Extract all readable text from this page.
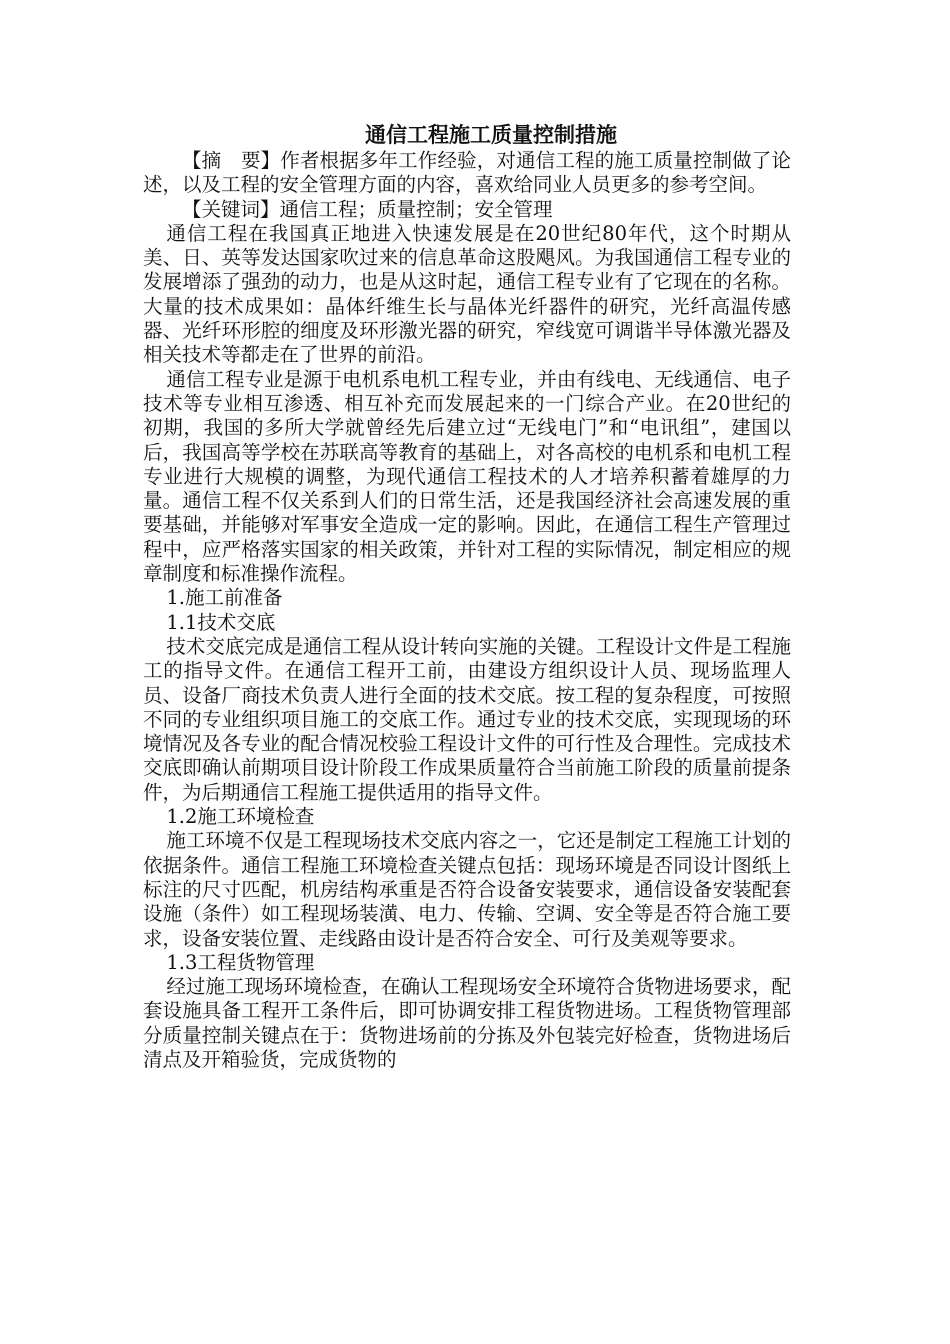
通信工程施工质量控制措施

【摘　要】作者根据多年工作经验，对通信工程的施工质量控制做了论述，以及工程的安全管理方面的内容，喜欢给同业人员更多的参考空间。

【关键词】通信工程；质量控制；安全管理

通信工程在我国真正地进入快速发展是在20世纪80年代，这个时期从美、日、英等发达国家吹过来的信息革命这股飓风。为我国通信工程专业的发展增添了强劲的动力，也是从这时起，通信工程专业有了它现在的名称。大量的技术成果如：晶体纤维生长与晶体光纤器件的研究，光纤高温传感器、光纤环形腔的细度及环形激光器的研究，窄线宽可调谐半导体激光器及相关技术等都走在了世界的前沿。

通信工程专业是源于电机系电机工程专业，并由有线电、无线通信、电子技术等专业相互渗透、相互补充而发展起来的一门综合产业。在20世纪的初期，我国的多所大学就曾经先后建立过“无线电门”和“电讯组”，建国以后，我国高等学校在苏联高等教育的基础上，对各高校的电机系和电机工程专业进行大规模的调整，为现代通信工程技术的人才培养积蓄着雄厚的力量。通信工程不仅关系到人们的日常生活，还是我国经济社会高速发展的重要基础，并能够对军事安全造成一定的影响。因此，在通信工程生产管理过程中，应严格落实国家的相关政策，并针对工程的实际情况，制定相应的规章制度和标准操作流程。

1.施工前准备

1.1技术交底

技术交底完成是通信工程从设计转向实施的关键。工程设计文件是工程施工的指导文件。在通信工程开工前，由建设方组织设计人员、现场监理人员、设备厂商技术负责人进行全面的技术交底。按工程的复杂程度，可按照不同的专业组织项目施工的交底工作。通过专业的技术交底，实现现场的环境情况及各专业的配合情况校验工程设计文件的可行性及合理性。完成技术交底即确认前期项目设计阶段工作成果质量符合当前施工阶段的质量前提条件，为后期通信工程施工提供适用的指导文件。

1.2施工环境检查

施工环境不仅是工程现场技术交底内容之一，它还是制定工程施工计划的依据条件。通信工程施工环境检查关键点包括：现场环境是否同设计图纸上标注的尺寸匹配，机房结构承重是否符合设备安装要求，通信设备安装配套设施（条件）如工程现场装潢、电力、传输、空调、安全等是否符合施工要求，设备安装位置、走线路由设计是否符合安全、可行及美观等要求。

1.3工程货物管理

经过施工现场环境检查，在确认工程现场安全环境符合货物进场要求，配套设施具备工程开工条件后，即可协调安排工程货物进场。工程货物管理部分质量控制关键点在于：货物进场前的分拣及外包装完好检查，货物进场后清点及开箱验货，完成货物的
